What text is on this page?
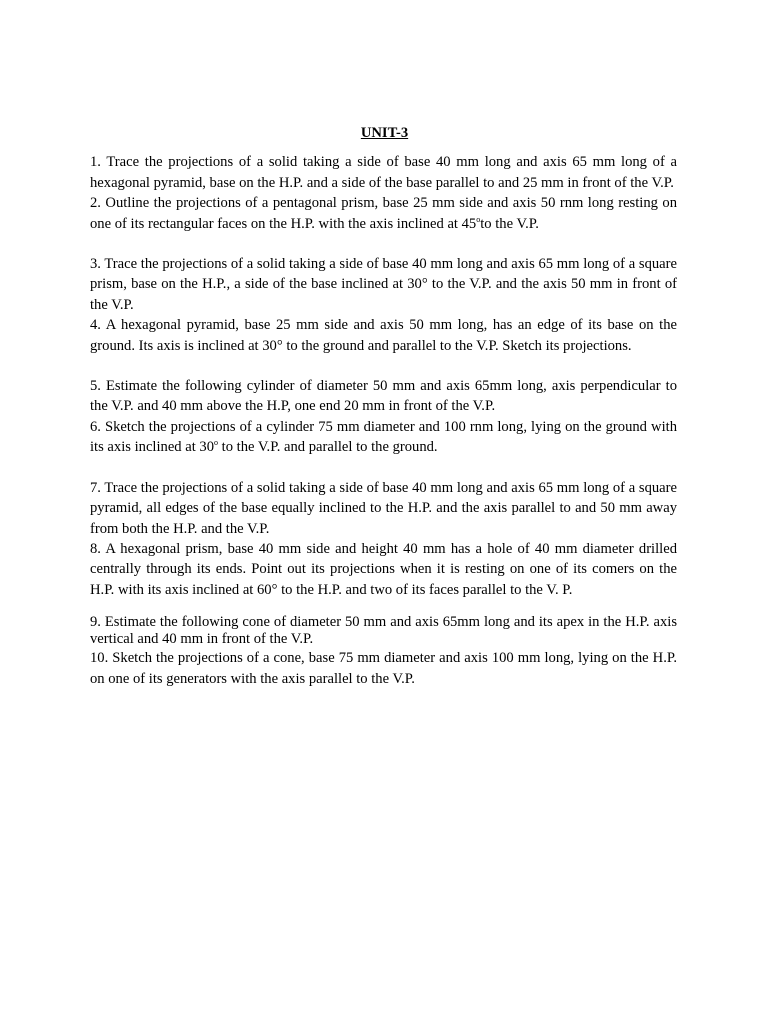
UNIT-3

1. Trace the projections of a solid taking a side of base 40 mm long and axis 65 mm long of a hexagonal pyramid, base on the H.P. and a side of the base parallel to and 25 mm in front of the V.P.

2. Outline the projections of a pentagonal prism, base 25 mm side and axis 50 rnm long resting on one of its rectangular faces on the H.P. with the axis inclined at 45$^o$to the V.P.

3. Trace the projections of a solid taking a side of base 40 mm long and axis 65 mm long of a square prism, base on the H.P., a side of the base inclined at 30° to the V.P. and the axis 50 mm in front of the V.P.

4. A hexagonal pyramid, base 25 mm side and axis 50 mm long, has an edge of its base on the ground. Its axis is inclined at 30° to the ground and parallel to the V.P. Sketch its projections.

5. Estimate the following cylinder of diameter 50 mm and axis 65mm long, axis perpendicular to the V.P. and 40 mm above the H.P, one end 20 mm in front of the V.P.

6. Sketch the projections of a cylinder 75 mm diameter and 100 rnm long, lying on the ground with its axis inclined at 30$^o$ to the V.P. and parallel to the ground.

7. Trace the projections of a solid taking a side of base 40 mm long and axis 65 mm long of a square pyramid, all edges of the base equally inclined to the H.P. and the axis parallel to and 50 mm away from both the H.P. and the V.P.

8. A hexagonal prism, base 40 mm side and height 40 mm has a hole of 40 mm diameter drilled centrally through its ends. Point out its projections when it is resting on one of its comers on the H.P. with its axis inclined at 60° to the H.P. and two of its faces parallel to the V. P.

9. Estimate the following cone of diameter 50 mm and axis 65mm long and its apex in the H.P. axis vertical and 40 mm in front of the V.P.

10. Sketch the projections of a cone, base 75 mm diameter and axis 100 mm long, lying on the H.P. on one of its generators with the axis parallel to the V.P.
